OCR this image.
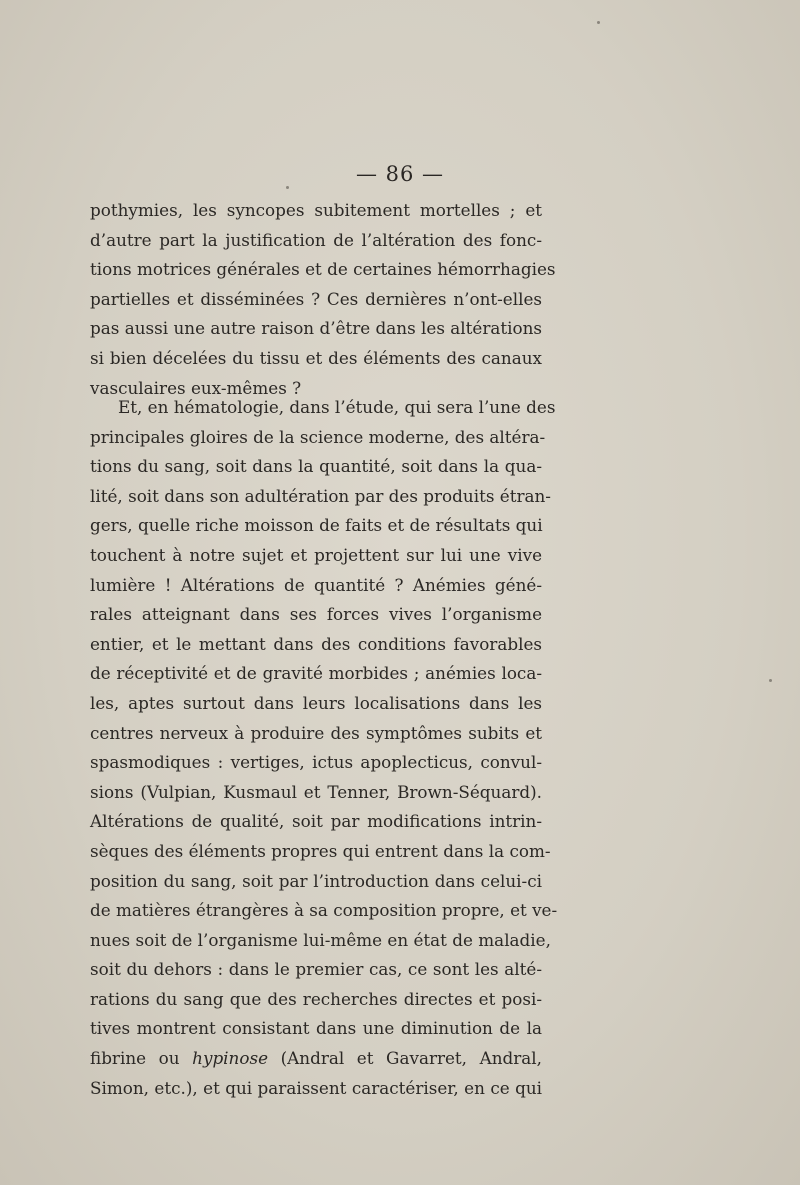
— 86 —
pothymies, les syncopes subitement mortelles ; et
d’autre part la justification de l’altération des fonc-
tions motrices générales et de certaines hémorrhagies
partielles et disséminées ? Ces dernières n’ont-elles
pas aussi une autre raison d’être dans les altérations
si bien décelées du tissu et des éléments des canaux
vasculaires eux-mêmes ?
Et, en hématologie, dans l’étude, qui sera l’une des
principales gloires de la science moderne, des altéra-
tions du sang, soit dans la quantité, soit dans la qua-
lité, soit dans son adultération par des produits étran-
gers, quelle riche moisson de faits et de résultats qui
touchent à notre sujet et projettent sur lui une vive
lumière ! Altérations de quantité ? Anémies géné-
rales atteignant dans ses forces vives l’organisme
entier, et le mettant dans des conditions favorables
de réceptivité et de gravité morbides ; anémies loca-
les, aptes surtout dans leurs localisations dans les
centres nerveux à produire des symptômes subits et
spasmodiques : vertiges, ictus apoplecticus, convul-
sions (Vulpian, Kusmaul et Tenner, Brown-Séquard).
Altérations de qualité, soit par modifications intrin-
sèques des éléments propres qui entrent dans la com-
position du sang, soit par l’introduction dans celui-ci
de matières étrangères à sa composition propre, et ve-
nues soit de l’organisme lui-même en état de maladie,
soit du dehors : dans le premier cas, ce sont les alté-
rations du sang que des recherches directes et posi-
tives montrent consistant dans une diminution de la
fibrine ou hypinose (Andral et Gavarret, Andral,
Simon, etc.), et qui paraissent caractériser, en ce qui
